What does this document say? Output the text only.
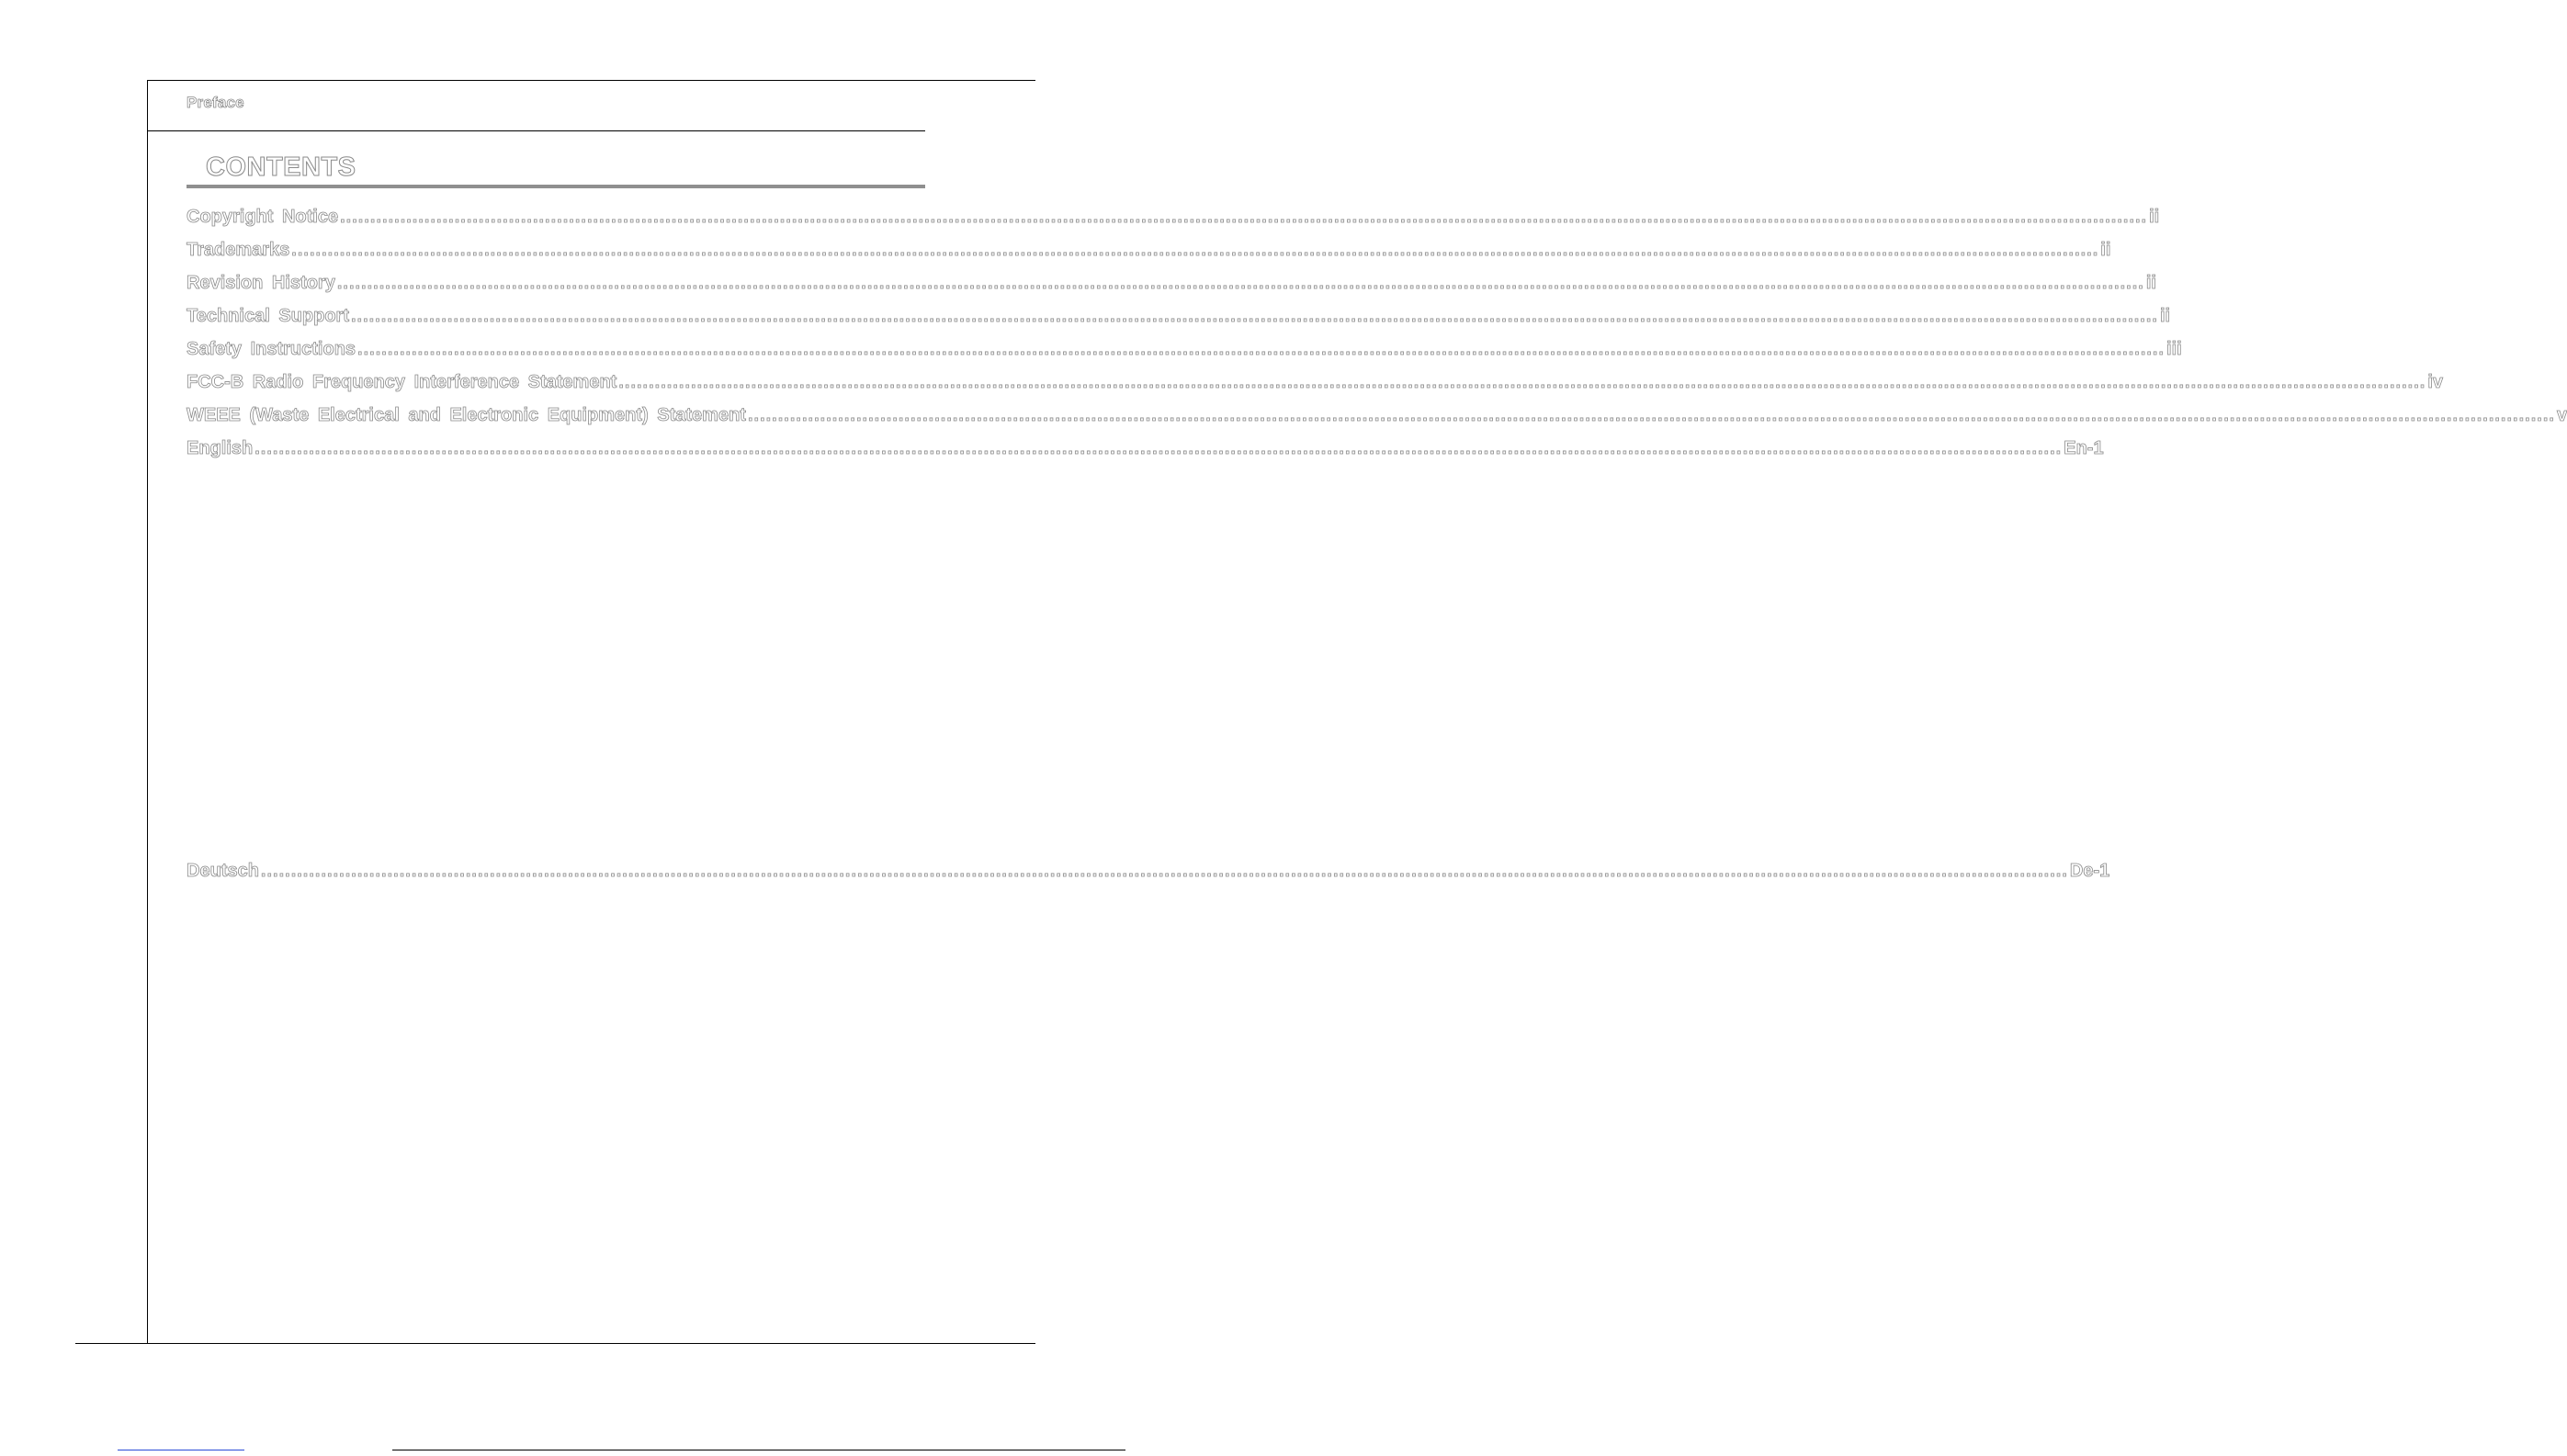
Preface
CONTENTS
Copyright Notice ............................................................................................................................................................................................................................................................................................................ ii
Trademarks ............................................................................................................................................................................................................................................................................................................ ii
Revision History ............................................................................................................................................................................................................................................................................................................ ii
Technical Support ............................................................................................................................................................................................................................................................................................................ ii
Safety Instructions ............................................................................................................................................................................................................................................................................................................ iii
FCC-B Radio Frequency Interference Statement ............................................................................................................................................................................................................................................................................................................ iv
WEEE (Waste Electrical and Electronic Equipment) Statement ............................................................................................................................................................................................................................................................................................................ v
English ............................................................................................................................................................................................................................................................................................................ En-1
Deutsch ............................................................................................................................................................................................................................................................................................................ De-1
